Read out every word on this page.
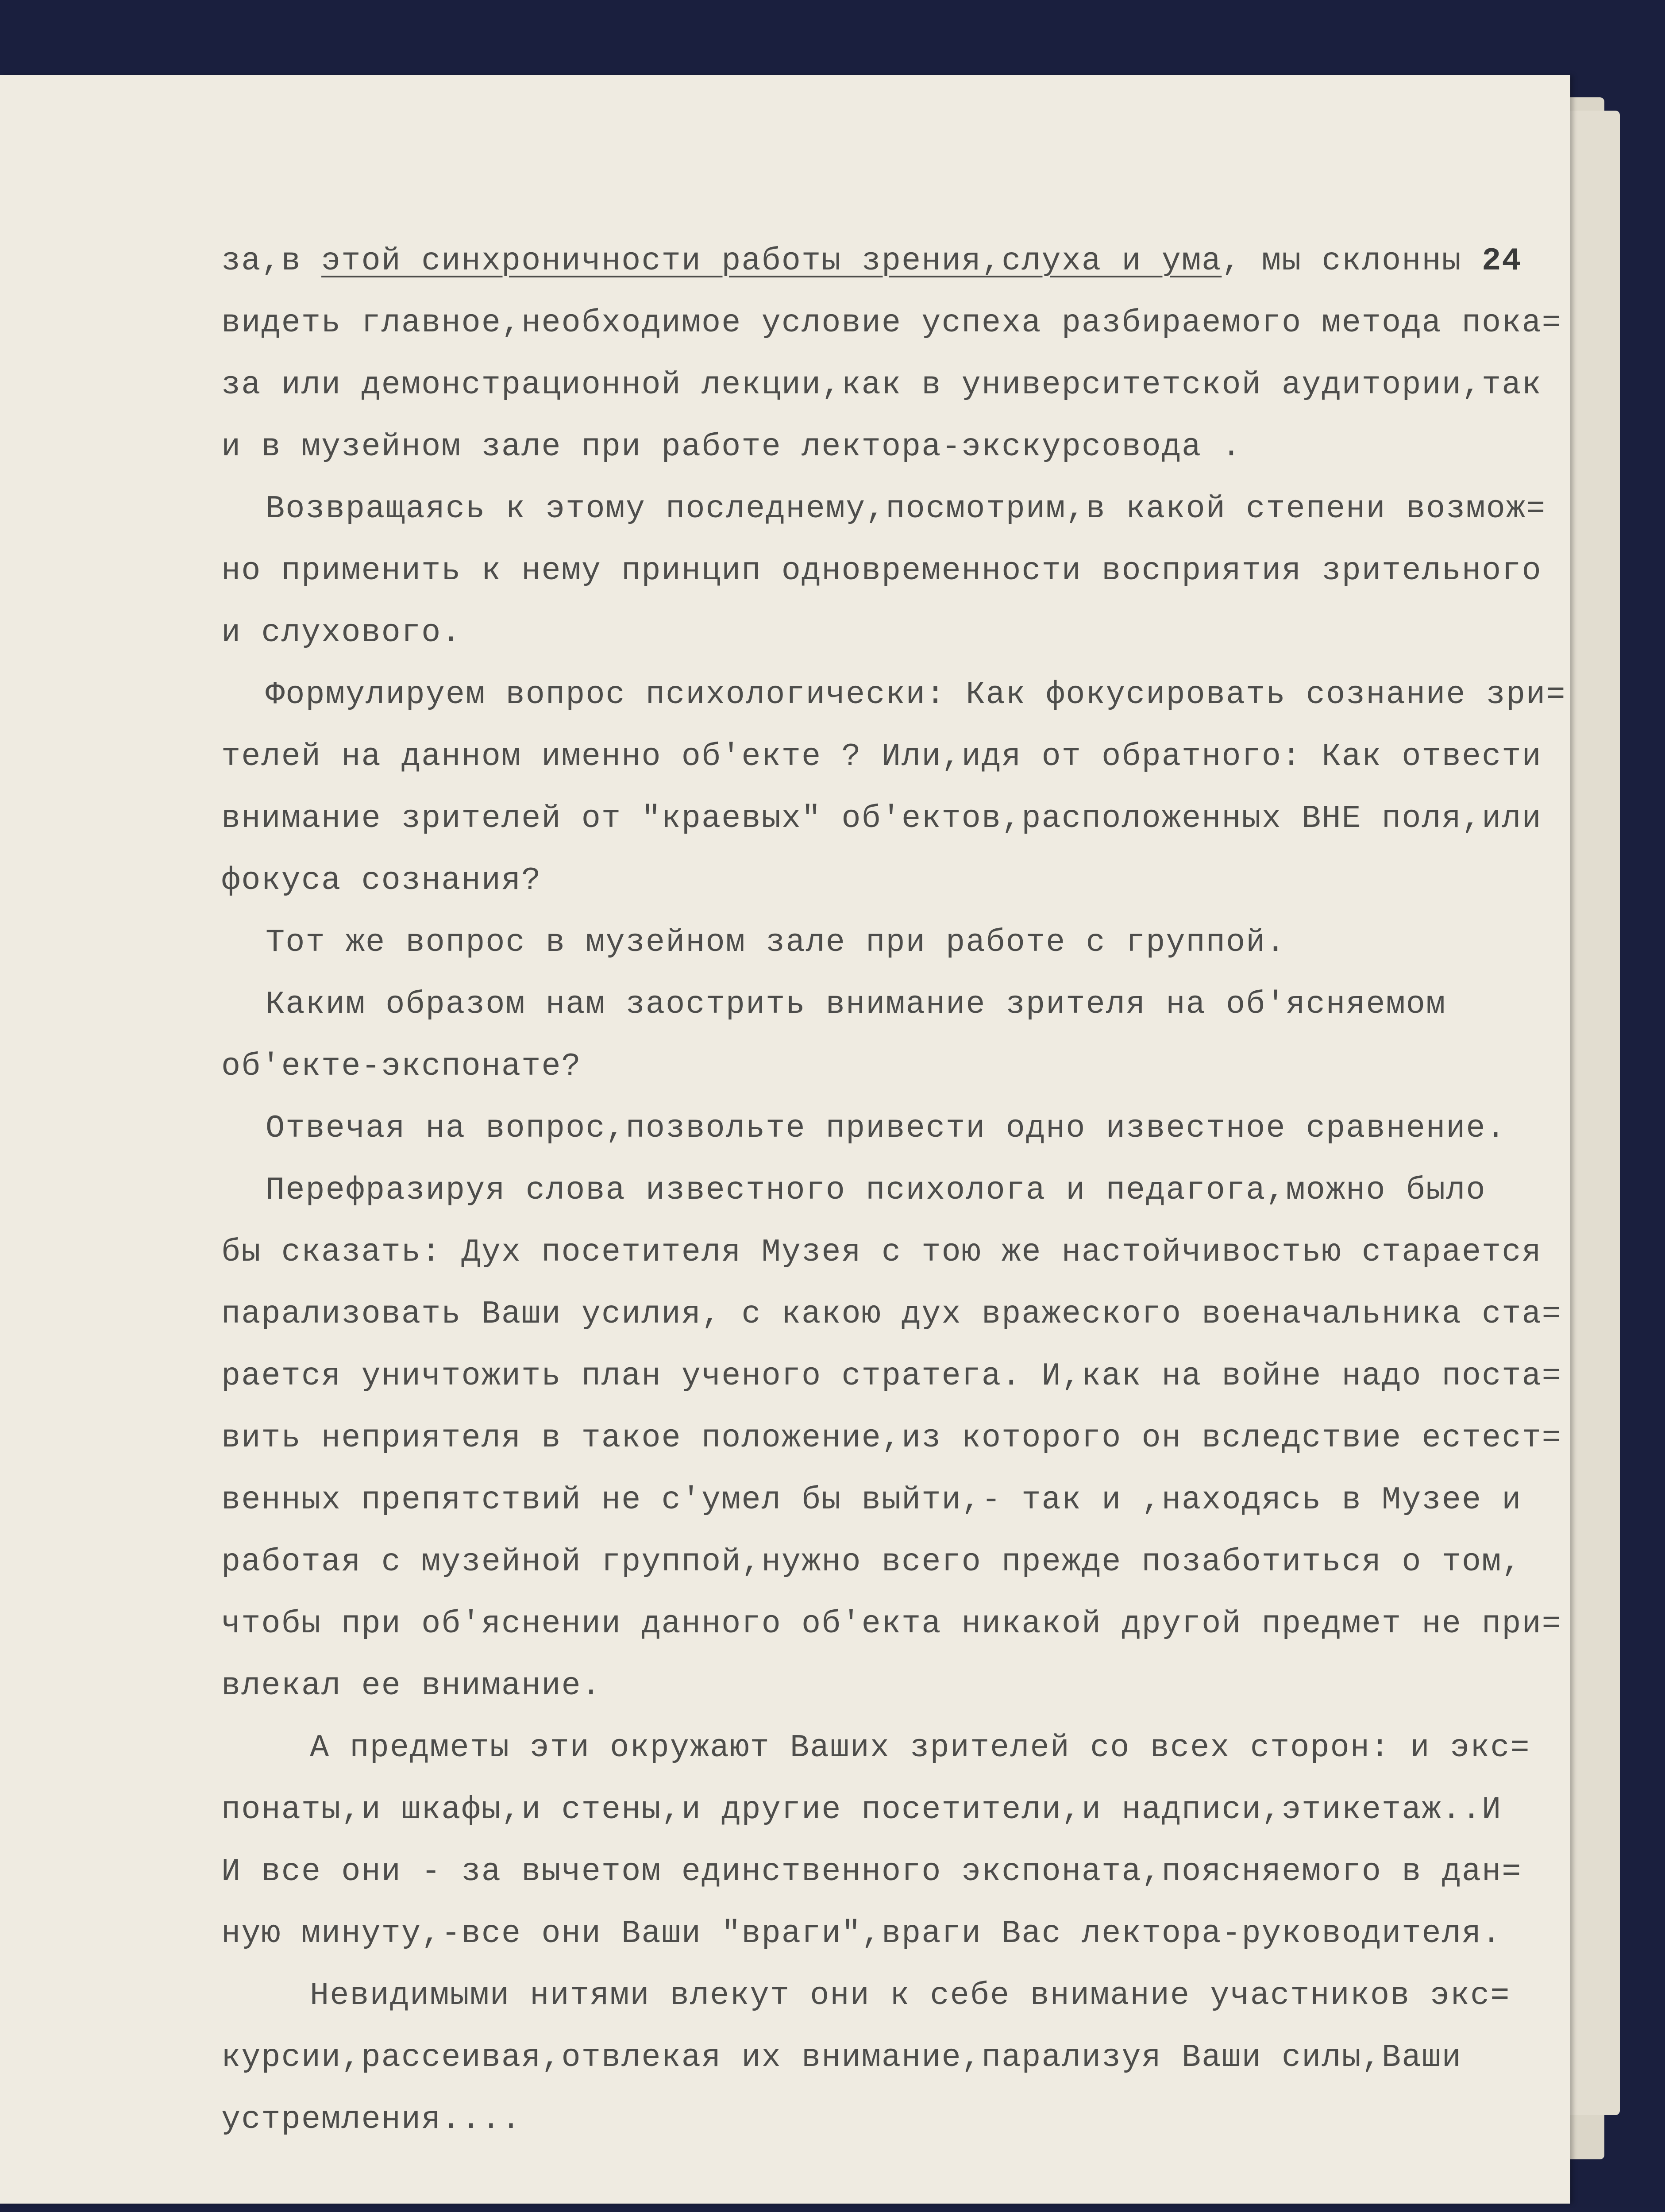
за,в этой синхроничности работы зрения,слуха и ума, мы склонны 24
видеть главное,необходимое условие успеха разбираемого метода пока=
за или демонстрационной лекции,как в университетской аудитории,так
и в музейном зале при работе лектора-экскурсовода .
Возвращаясь к этому последнему,посмотрим,в какой степени возмож=
но применить к нему принцип одновременности восприятия зрительного
и слухового.
Формулируем вопрос психологически: Как фокусировать сознание зри=
телей на данном именно об'екте ? Или,идя от обратного: Как отвести
внимание зрителей от "краевых" об'ектов,расположенных ВНЕ поля,или
фокуса сознания?
Тот же вопрос в музейном зале при работе с группой.
Каким образом нам заострить внимание зрителя на об'ясняемом
об'екте-экспонате?
Отвечая на вопрос,позвольте привести одно известное сравнение.
Перефразируя слова известного психолога и педагога,можно было
бы сказать: Дух посетителя Музея с тою же настойчивостью старается
парализовать Ваши усилия, с какою дух вражеского военачальника ста=
рается уничтожить план ученого стратега. И,как на войне надо поста=
вить неприятеля в такое положение,из которого он вследствие естест=
венных препятствий не с'умел бы выйти,- так и ,находясь в Музее и
работая с музейной группой,нужно всего прежде позаботиться о том,
чтобы при об'яснении данного об'екта никакой другой предмет не при=
влекал ее внимание.
А предметы эти окружают Ваших зрителей со всех сторон: и экс=
понаты,и шкафы,и стены,и другие посетители,и надписи,этикетаж..И
И все они - за вычетом единственного экспоната,поясняемого в дан=
ную минуту,-все они Ваши "враги",враги Вас лектора-руководителя.
Невидимыми нитями влекут они к себе внимание участников экс=
курсии,рассеивая,отвлекая их внимание,парализуя Ваши силы,Ваши
устремления....
